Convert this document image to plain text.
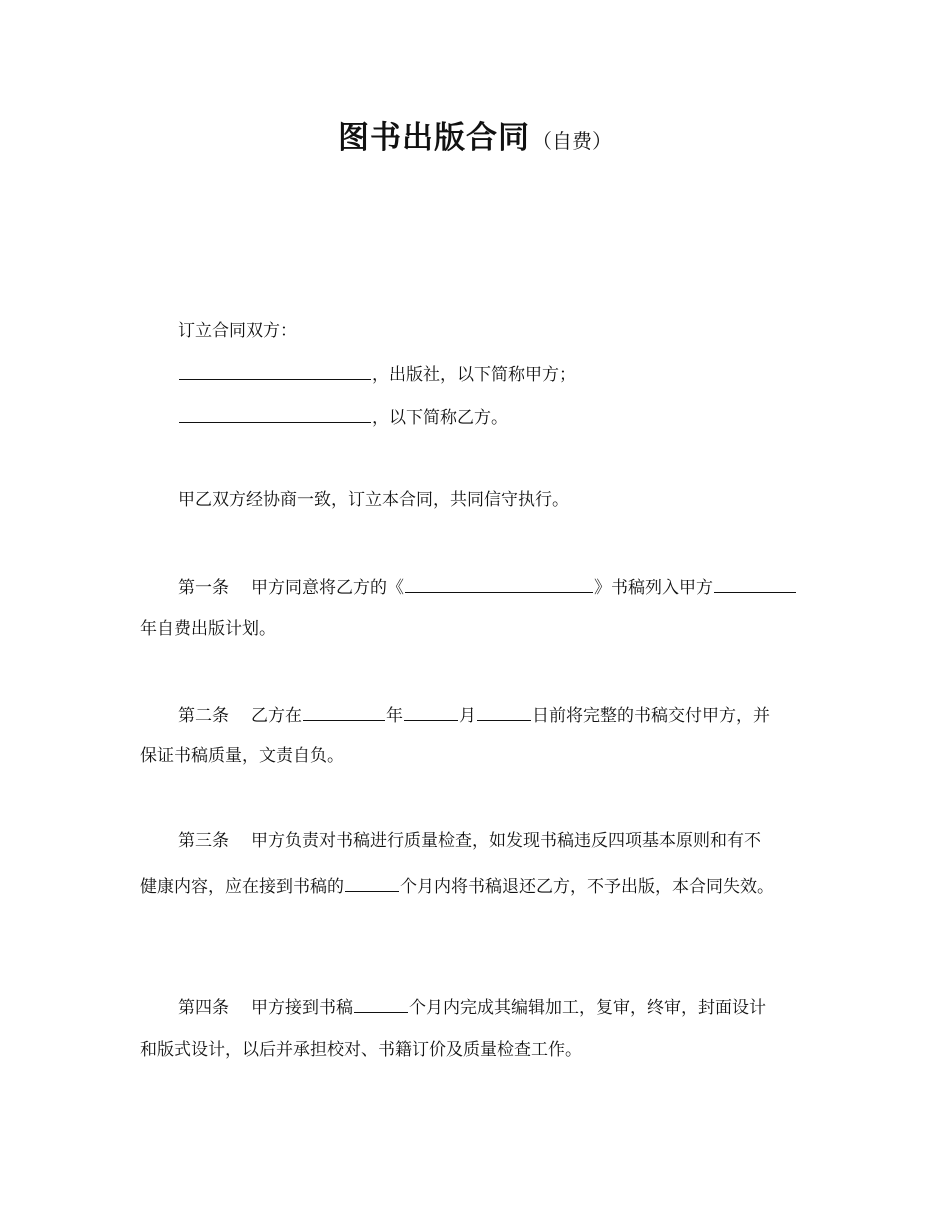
图书出版合同 （自费）
订立合同双方：
，出版社，以下简称甲方；
，以下简称乙方。
甲乙双方经协商一致，订立本合同，共同信守执行。
第一条 甲方同意将乙方的《	》书稿列入甲方
年自费出版计划。
第二条 乙方在	年	月	日前将完整的书稿交付甲方，并
保证书稿质量，文责自负。
第三条 甲方负责对书稿进行质量检查，如发现书稿违反四项基本原则和有不
健康内容，应在接到书稿的	个月内将书稿退还乙方，不予出版，本合同失效。
第四条 甲方接到书稿	个月内完成其编辑加工，复审，终审，封面设计
和版式设计，以后并承担校对、书籍订价及质量检查工作。
